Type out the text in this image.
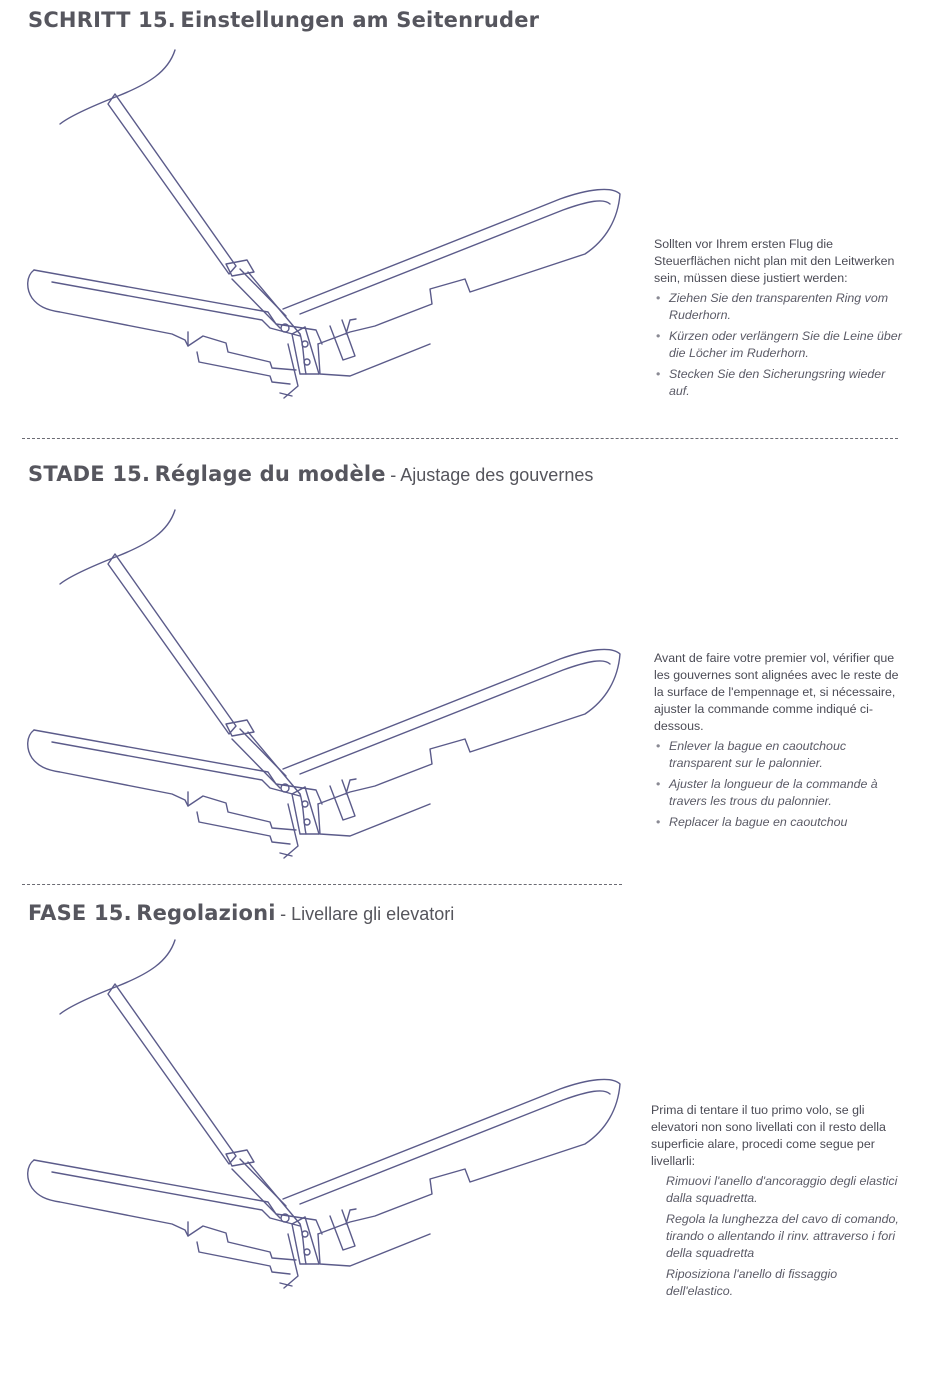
SCHRITT 15. Einstellungen am Seitenruder

Sollten vor Ihrem ersten Flug die Steuerflächen nicht plan mit den Leitwerken sein, müssen diese justiert werden:

• Ziehen Sie den transparenten Ring vom Ruderhorn.
• Kürzen oder verlängern Sie die Leine über die Löcher im Ruderhorn.
• Stecken Sie den Sicherungsring wieder auf.
STADE 15. Réglage du modèle - Ajustage des gouvernes

Avant de faire votre premier vol, vérifier que les gouvernes sont alignées avec le reste de la surface de l'empennage et, si nécessaire, ajuster la commande comme indiqué ci-dessous.

• Enlever la bague en caoutchouc transparent sur le palonnier.
• Ajuster la longueur de la commande à travers les trous du palonnier.
• Replacer la bague en caoutchou
FASE 15. Regolazioni - Livellare gli elevatori

Prima di tentare il tuo primo volo, se gli elevatori non sono livellati con il resto della superficie alare, procedi come segue per livellarli:

Rimuovi l'anello d'ancoraggio degli elastici dalla squadretta.
Regola la lunghezza del cavo di comando, tirando o allentando il rinv. attraverso i fori della squadretta
Riposiziona l'anello di fissaggio dell'elastico.
